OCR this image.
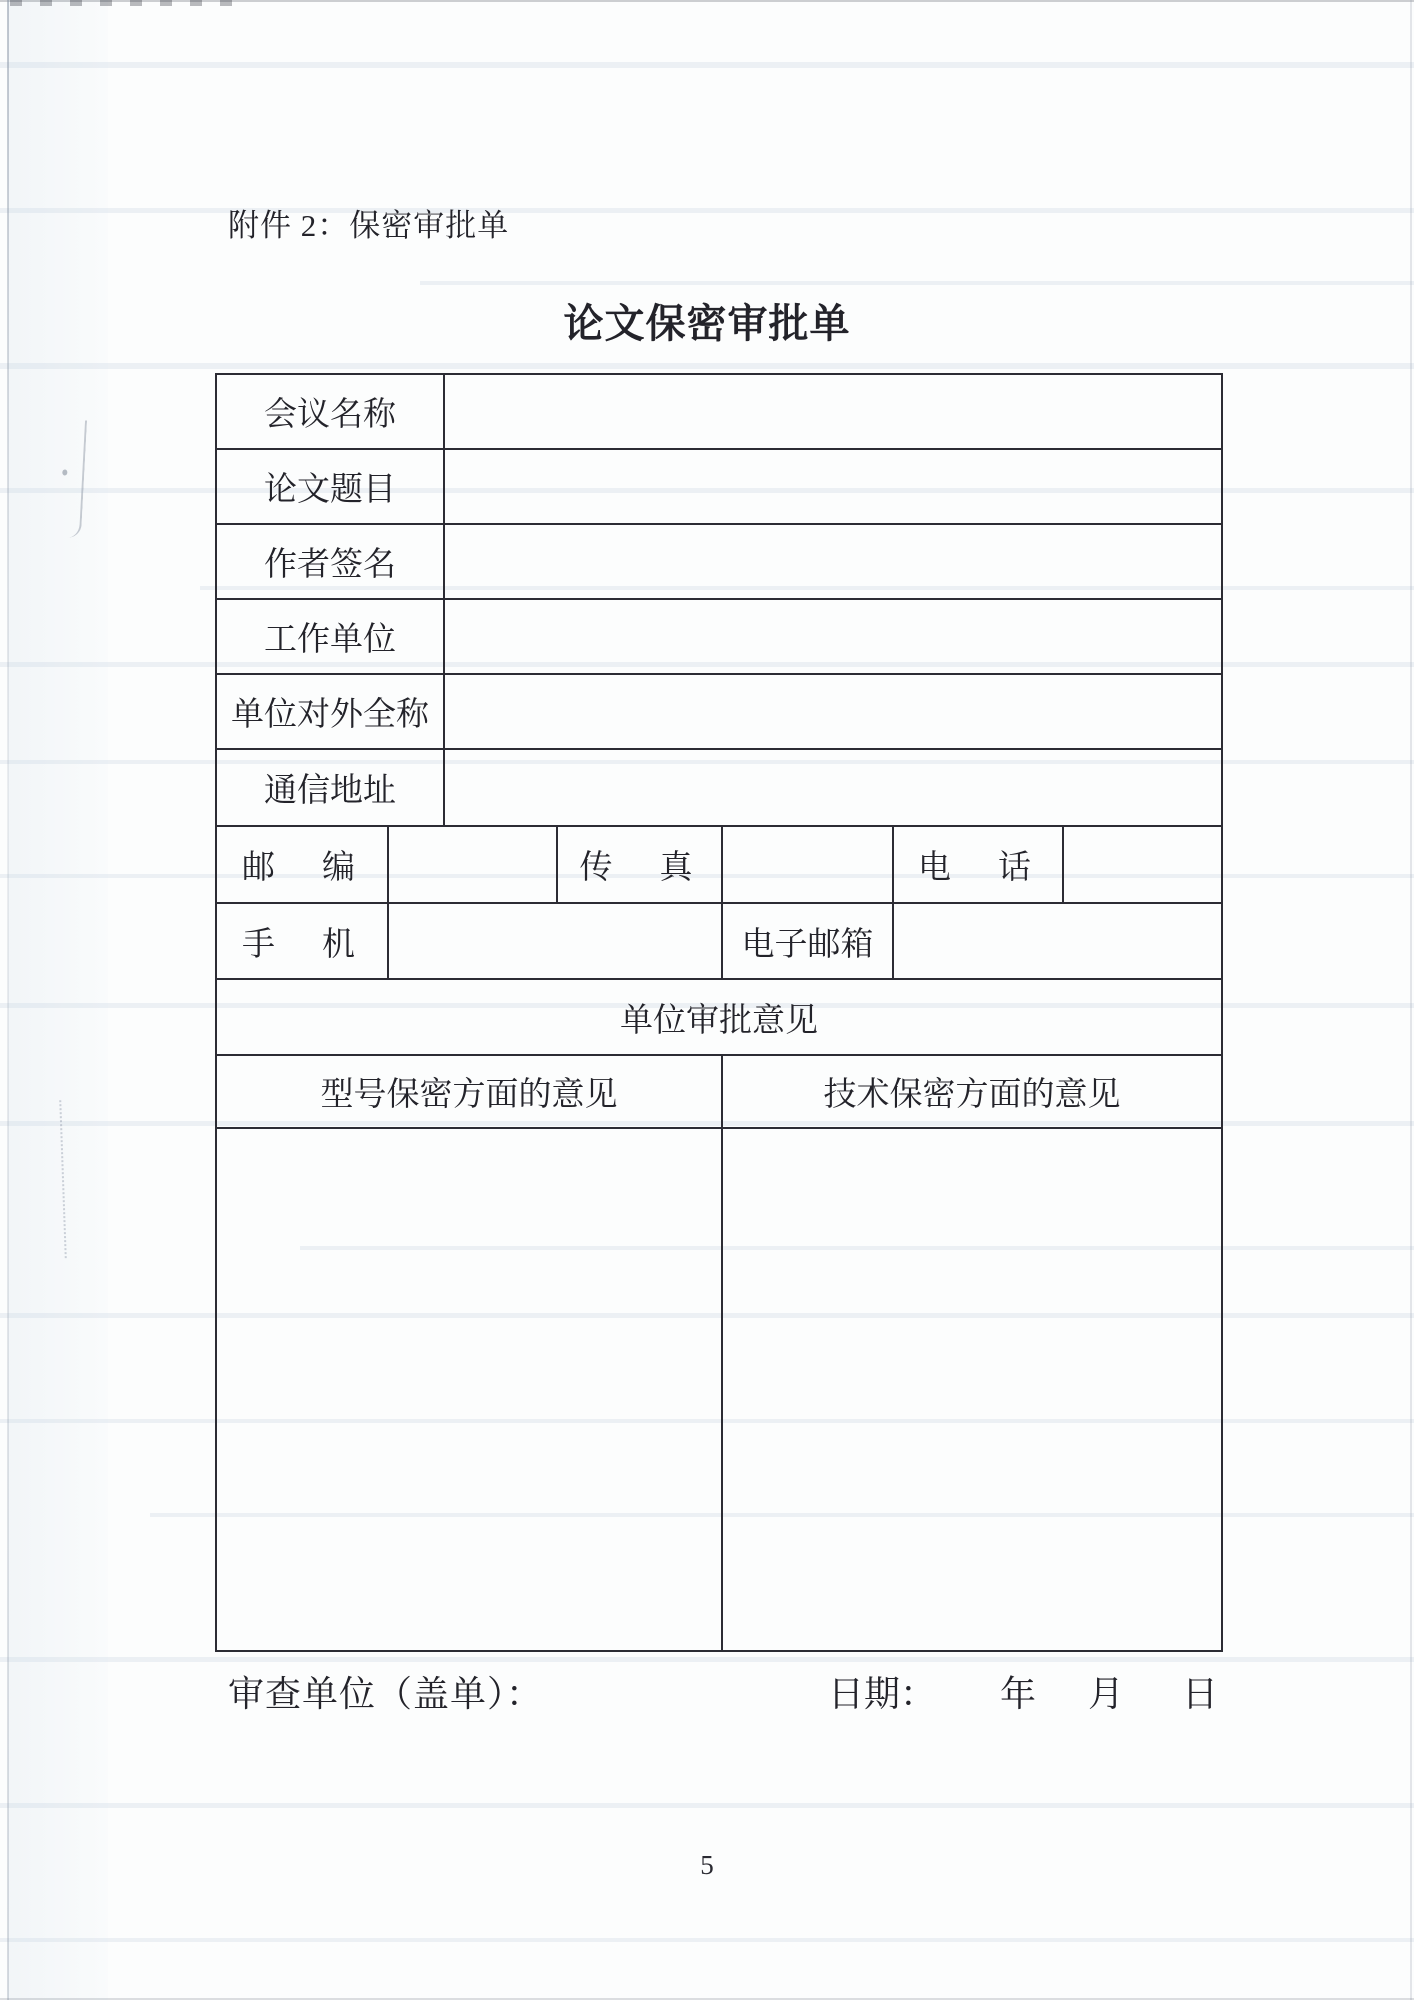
附件 2：保密审批单
论文保密审批单
会议名称
论文题目
作者签名
工作单位
单位对外全称
通信地址
邮　编	传　真	电　话
手　机	电子邮箱
单位审批意见
型号保密方面的意见	技术保密方面的意见
审查单位（盖单）：	日期： 年 月 日
5
